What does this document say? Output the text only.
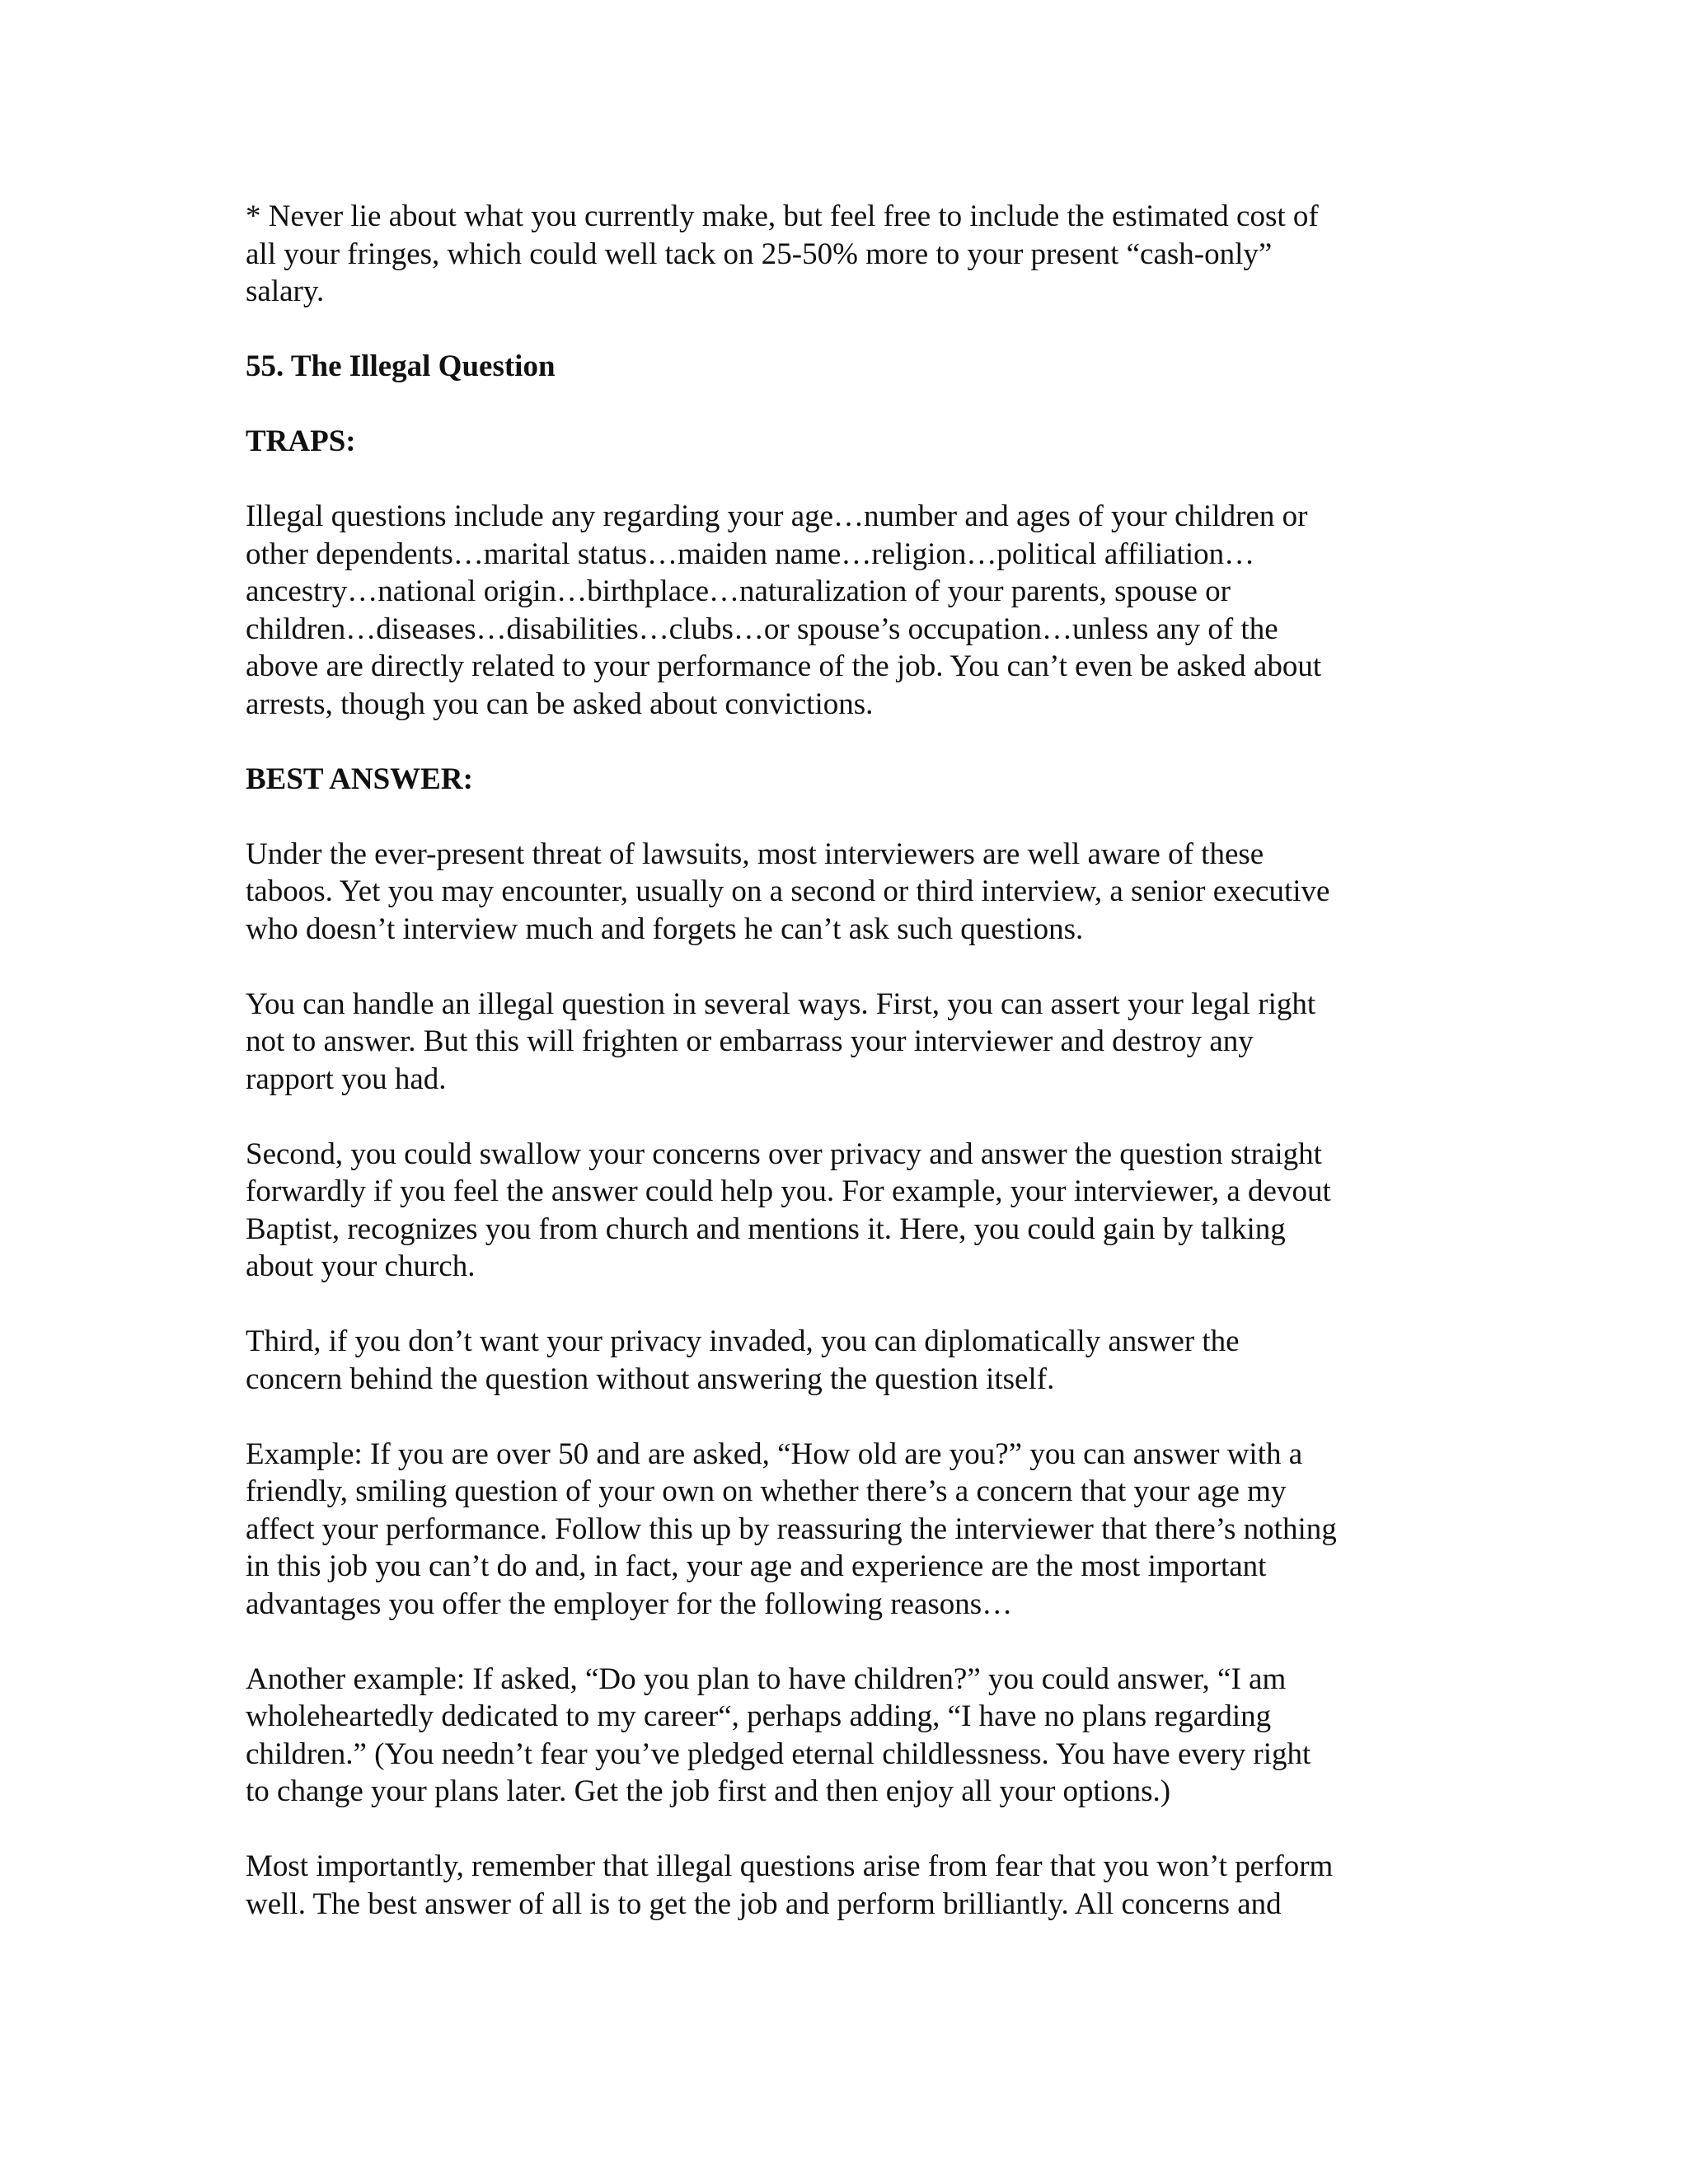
* Never lie about what you currently make, but feel free to include the estimated cost of
all your fringes, which could well tack on 25-50% more to your present “cash-only”
salary.

55. The Illegal Question

TRAPS:

Illegal questions include any regarding your age…number and ages of your children or
other dependents…marital status…maiden name…religion…political affiliation…
ancestry…national origin…birthplace…naturalization of your parents, spouse or
children…diseases…disabilities…clubs…or spouse’s occupation…unless any of the
above are directly related to your performance of the job. You can’t even be asked about
arrests, though you can be asked about convictions.

BEST ANSWER:

Under the ever-present threat of lawsuits, most interviewers are well aware of these
taboos. Yet you may encounter, usually on a second or third interview, a senior executive
who doesn’t interview much and forgets he can’t ask such questions.

You can handle an illegal question in several ways. First, you can assert your legal right
not to answer. But this will frighten or embarrass your interviewer and destroy any
rapport you had.

Second, you could swallow your concerns over privacy and answer the question straight
forwardly if you feel the answer could help you. For example, your interviewer, a devout
Baptist, recognizes you from church and mentions it. Here, you could gain by talking
about your church.

Third, if you don’t want your privacy invaded, you can diplomatically answer the
concern behind the question without answering the question itself.

Example: If you are over 50 and are asked, “How old are you?” you can answer with a
friendly, smiling question of your own on whether there’s a concern that your age my
affect your performance. Follow this up by reassuring the interviewer that there’s nothing
in this job you can’t do and, in fact, your age and experience are the most important
advantages you offer the employer for the following reasons…

Another example: If asked, “Do you plan to have children?” you could answer, “I am
wholeheartedly dedicated to my career“, perhaps adding, “I have no plans regarding
children.” (You needn’t fear you’ve pledged eternal childlessness. You have every right
to change your plans later. Get the job first and then enjoy all your options.)

Most importantly, remember that illegal questions arise from fear that you won’t perform
well. The best answer of all is to get the job and perform brilliantly. All concerns and
